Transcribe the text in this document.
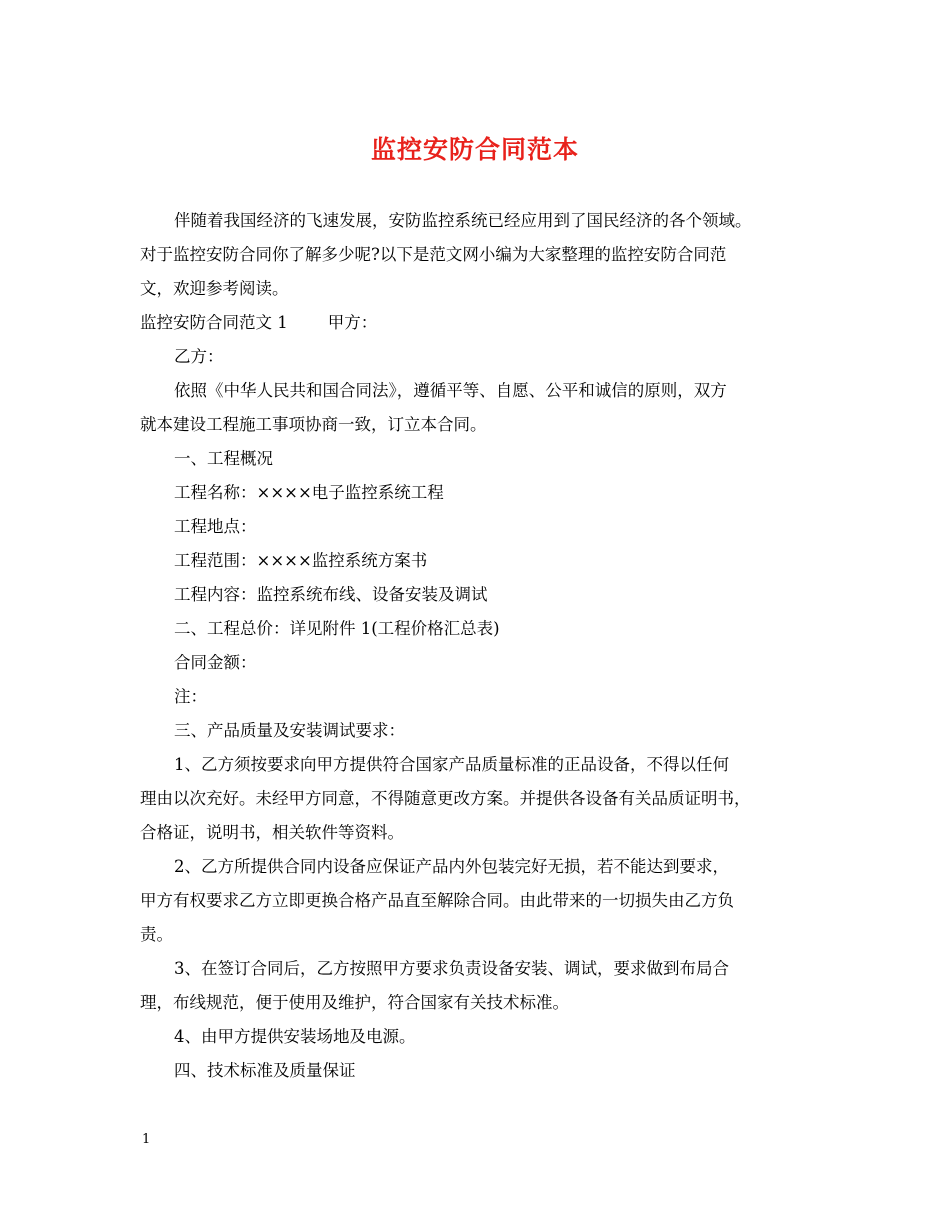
监控安防合同范本

伴随着我国经济的飞速发展，安防监控系统已经应用到了国民经济的各个领域。

对于监控安防合同你了解多少呢?以下是范文网小编为大家整理的监控安防合同范

文，欢迎参考阅读。

监控安防合同范文 1 甲方：

乙方：

依照《中华人民共和国合同法》，遵循平等、自愿、公平和诚信的原则，双方

就本建设工程施工事项协商一致，订立本合同。

一、工程概况

工程名称：××××电子监控系统工程

工程地点：

工程范围：××××监控系统方案书

工程内容：监控系统布线、设备安装及调试

二、工程总价：详见附件 1(工程价格汇总表)

合同金额：

注：

三、产品质量及安装调试要求：

1、乙方须按要求向甲方提供符合国家产品质量标准的正品设备，不得以任何

理由以次充好。未经甲方同意，不得随意更改方案。并提供各设备有关品质证明书，

合格证，说明书，相关软件等资料。

2、乙方所提供合同内设备应保证产品内外包装完好无损，若不能达到要求，

甲方有权要求乙方立即更换合格产品直至解除合同。由此带来的一切损失由乙方负

责。

3、在签订合同后，乙方按照甲方要求负责设备安装、调试，要求做到布局合

理，布线规范，便于使用及维护，符合国家有关技术标准。

4、由甲方提供安装场地及电源。

四、技术标准及质量保证

1
